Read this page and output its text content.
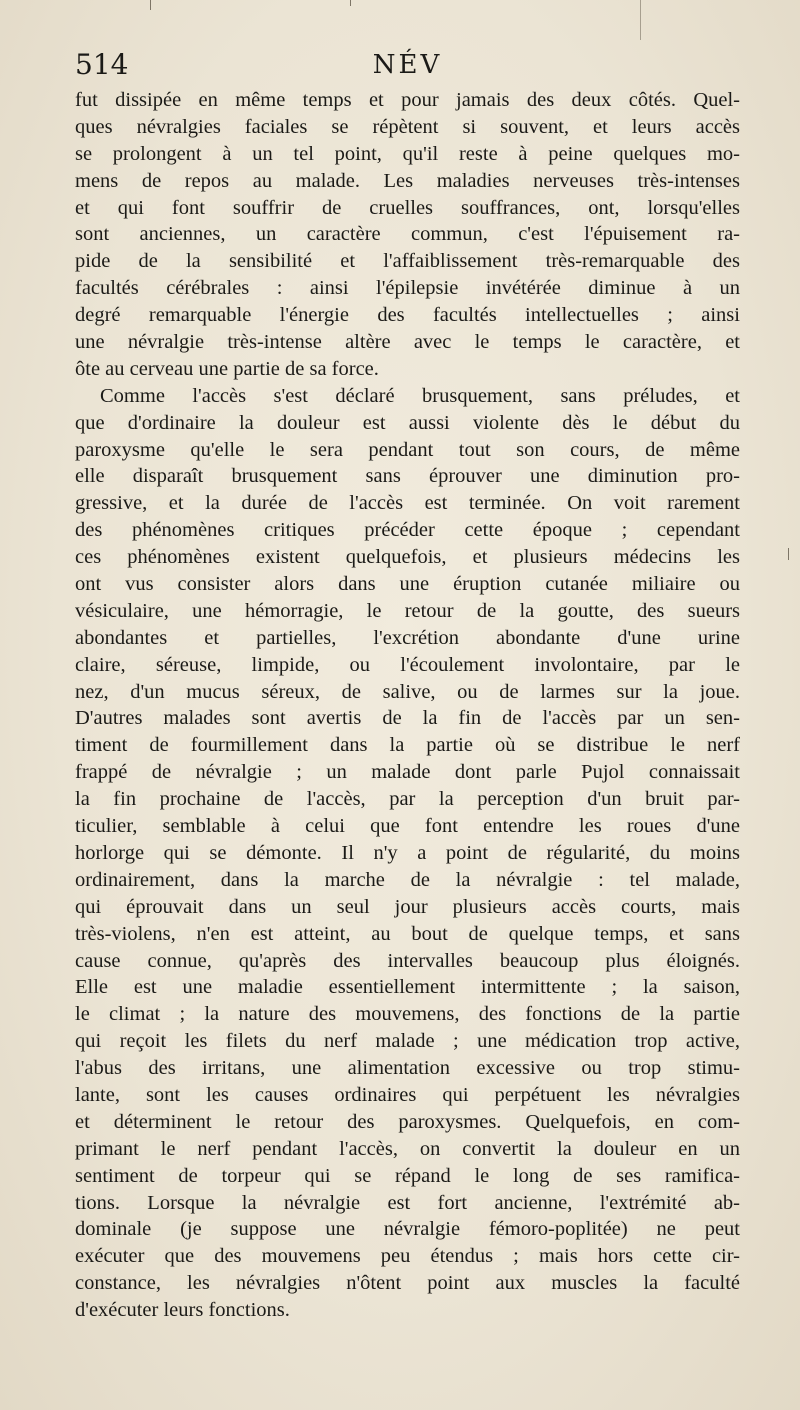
514	NÉV
fut dissipée en même temps et pour jamais des deux côtés. Quel-
ques névralgies faciales se répètent si souvent, et leurs accès
se prolongent à un tel point, qu'il reste à peine quelques mo-
mens de repos au malade. Les maladies nerveuses très-intenses
et qui font souffrir de cruelles souffrances, ont, lorsqu'elles
sont anciennes, un caractère commun, c'est l'épuisement ra-
pide de la sensibilité et l'affaiblissement très-remarquable des
facultés cérébrales : ainsi l'épilepsie invétérée diminue à un
degré remarquable l'énergie des facultés intellectuelles ; ainsi
une névralgie très-intense altère avec le temps le caractère, et
ôte au cerveau une partie de sa force.
Comme l'accès s'est déclaré brusquement, sans préludes, et
que d'ordinaire la douleur est aussi violente dès le début du
paroxysme qu'elle le sera pendant tout son cours, de même
elle disparaît brusquement sans éprouver une diminution pro-
gressive, et la durée de l'accès est terminée. On voit rarement
des phénomènes critiques précéder cette époque ; cependant
ces phénomènes existent quelquefois, et plusieurs médecins les
ont vus consister alors dans une éruption cutanée miliaire ou
vésiculaire, une hémorragie, le retour de la goutte, des sueurs
abondantes et partielles, l'excrétion abondante d'une urine
claire, séreuse, limpide, ou l'écoulement involontaire, par le
nez, d'un mucus séreux, de salive, ou de larmes sur la joue.
D'autres malades sont avertis de la fin de l'accès par un sen-
timent de fourmillement dans la partie où se distribue le nerf
frappé de névralgie ; un malade dont parle Pujol connaissait
la fin prochaine de l'accès, par la perception d'un bruit par-
ticulier, semblable à celui que font entendre les roues d'une
horlorge qui se démonte. Il n'y a point de régularité, du moins
ordinairement, dans la marche de la névralgie : tel malade,
qui éprouvait dans un seul jour plusieurs accès courts, mais
très-violens, n'en est atteint, au bout de quelque temps, et sans
cause connue, qu'après des intervalles beaucoup plus éloignés.
Elle est une maladie essentiellement intermittente ; la saison,
le climat ; la nature des mouvemens, des fonctions de la partie
qui reçoit les filets du nerf malade ; une médication trop active,
l'abus des irritans, une alimentation excessive ou trop stimu-
lante, sont les causes ordinaires qui perpétuent les névralgies
et déterminent le retour des paroxysmes. Quelquefois, en com-
primant le nerf pendant l'accès, on convertit la douleur en un
sentiment de torpeur qui se répand le long de ses ramifica-
tions. Lorsque la névralgie est fort ancienne, l'extrémité ab-
dominale (je suppose une névralgie fémoro-poplitée) ne peut
exécuter que des mouvemens peu étendus ; mais hors cette cir-
constance, les névralgies n'ôtent point aux muscles la faculté
d'exécuter leurs fonctions.
